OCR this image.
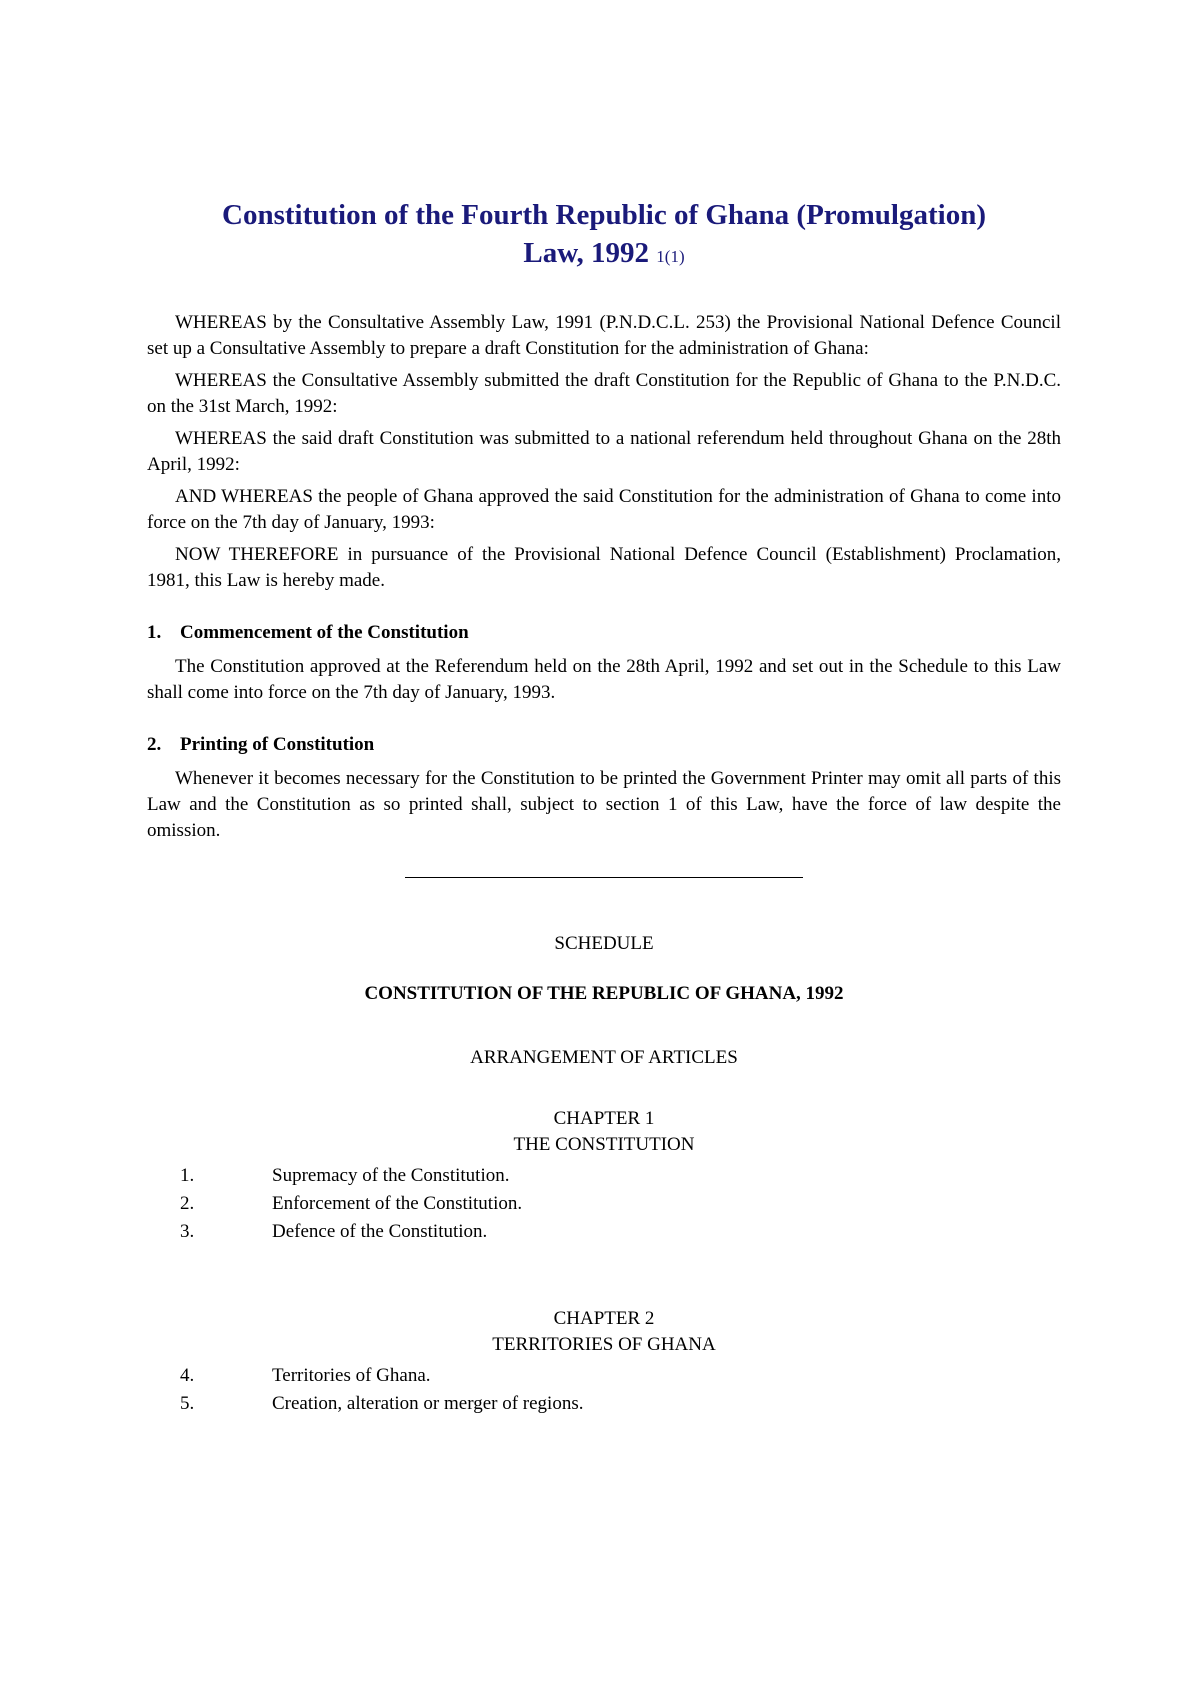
Constitution of the Fourth Republic of Ghana (Promulgation)
Law, 1992 1(1)

WHEREAS by the Consultative Assembly Law, 1991 (P.N.D.C.L. 253) the Provisional National Defence Council set up a Consultative Assembly to prepare a draft Constitution for the administration of Ghana:

WHEREAS the Consultative Assembly submitted the draft Constitution for the Republic of Ghana to the P.N.D.C. on the 31st March, 1992:

WHEREAS the said draft Constitution was submitted to a national referendum held throughout Ghana on the 28th April, 1992:

AND WHEREAS the people of Ghana approved the said Constitution for the administration of Ghana to come into force on the 7th day of January, 1993:

NOW THEREFORE in pursuance of the Provisional National Defence Council (Establishment) Proclamation, 1981, this Law is hereby made.

1. Commencement of the Constitution

The Constitution approved at the Referendum held on the 28th April, 1992 and set out in the Schedule to this Law shall come into force on the 7th day of January, 1993.

2. Printing of Constitution

Whenever it becomes necessary for the Constitution to be printed the Government Printer may omit all parts of this Law and the Constitution as so printed shall, subject to section 1 of this Law, have the force of law despite the omission.

SCHEDULE
CONSTITUTION OF THE REPUBLIC OF GHANA, 1992
ARRANGEMENT OF ARTICLES
CHAPTER 1
THE CONSTITUTION
1.	Supremacy of the Constitution.
2.	Enforcement of the Constitution.
3.	Defence of the Constitution.
CHAPTER 2
TERRITORIES OF GHANA
4.	Territories of Ghana.
5.	Creation, alteration or merger of regions.
